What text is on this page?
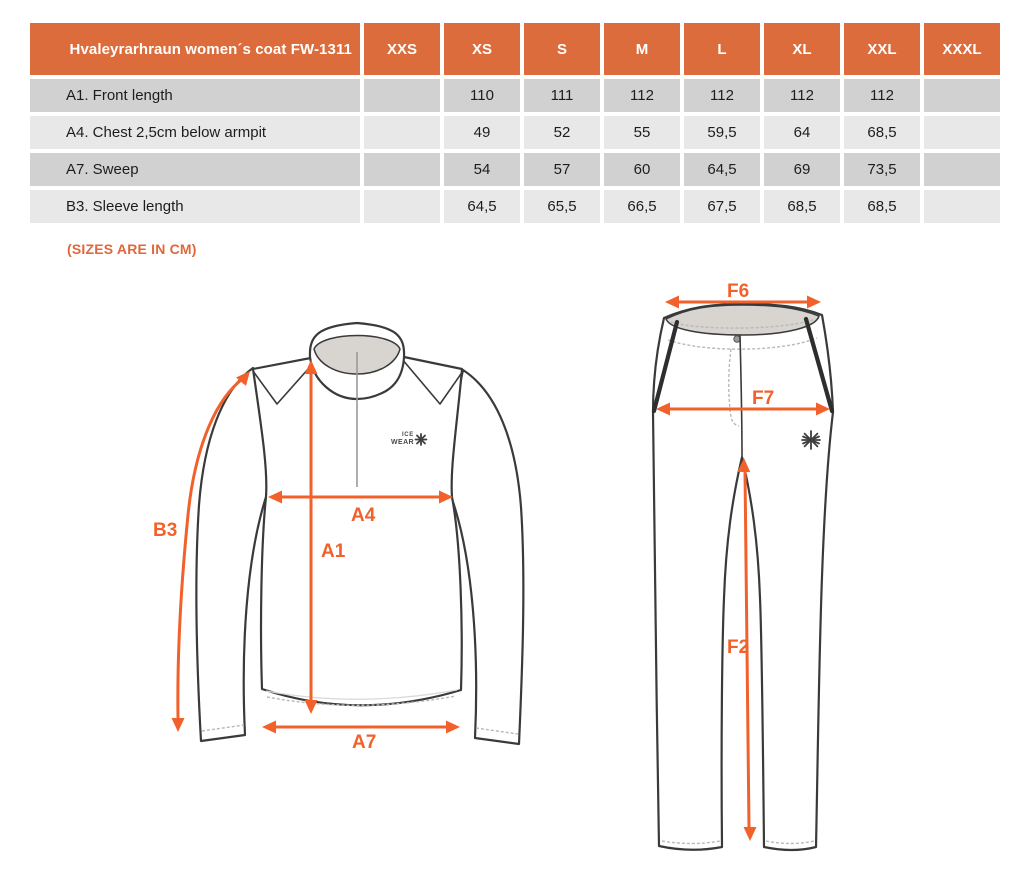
Hvaleyrarhraun women´s coat FW-1311	XXS	XS	S	M	L	XL	XXL	XXXL
A1. Front length		110	111	112	112	112	112	
A4. Chest 2,5cm below armpit		49	52	55	59,5	64	68,5	
A7. Sweep		54	57	60	64,5	69	73,5	
B3. Sleeve length		64,5	65,5	66,5	67,5	68,5	68,5	
(SIZES ARE IN CM)
ICE
WEAR
B3
A4
A1
A7
F6
F7
F2
